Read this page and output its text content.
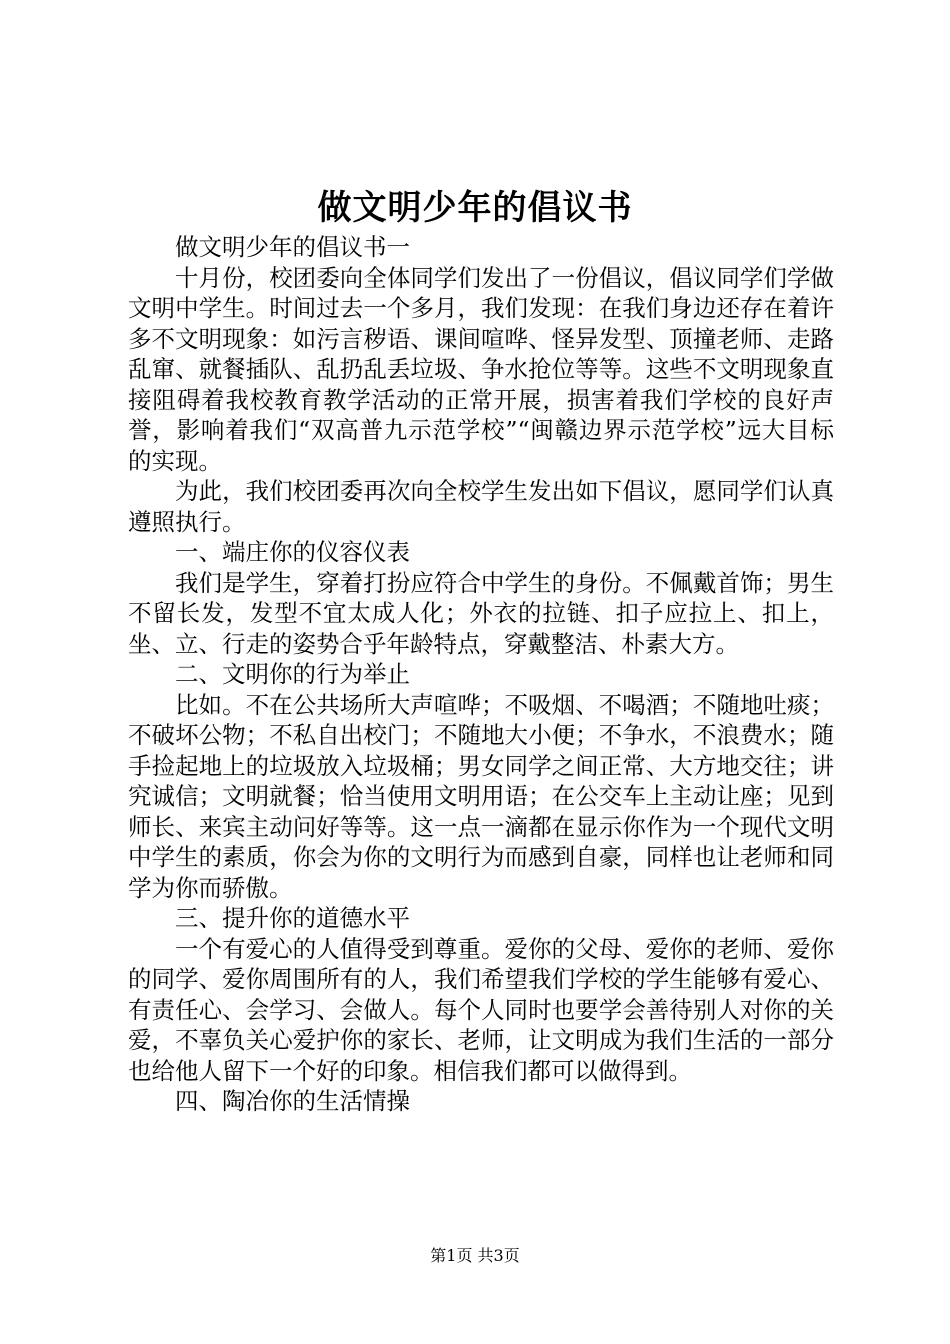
做文明少年的倡议书

做文明少年的倡议书一

十月份，校团委向全体同学们发出了一份倡议，倡议同学们学做文明中学生。时间过去一个多月，我们发现：在我们身边还存在着许多不文明现象：如污言秽语、课间喧哗、怪异发型、顶撞老师、走路乱窜、就餐插队、乱扔乱丢垃圾、争水抢位等等。这些不文明现象直接阻碍着我校教育教学活动的正常开展，损害着我们学校的良好声誉，影响着我们“双高普九示范学校”“闽赣边界示范学校”远大目标的实现。

为此，我们校团委再次向全校学生发出如下倡议，愿同学们认真遵照执行。

一、端庄你的仪容仪表

我们是学生，穿着打扮应符合中学生的身份。不佩戴首饰；男生不留长发，发型不宜太成人化；外衣的拉链、扣子应拉上、扣上，坐、立、行走的姿势合乎年龄特点，穿戴整洁、朴素大方。

二、文明你的行为举止

比如。不在公共场所大声喧哗；不吸烟、不喝酒；不随地吐痰；不破坏公物；不私自出校门；不随地大小便；不争水，不浪费水；随手捡起地上的垃圾放入垃圾桶；男女同学之间正常、大方地交往；讲究诚信；文明就餐；恰当使用文明用语；在公交车上主动让座；见到师长、来宾主动问好等等。这一点一滴都在显示你作为一个现代文明中学生的素质，你会为你的文明行为而感到自豪，同样也让老师和同学为你而骄傲。

三、提升你的道德水平

一个有爱心的人值得受到尊重。爱你的父母、爱你的老师、爱你的同学、爱你周围所有的人，我们希望我们学校的学生能够有爱心、有责任心、会学习、会做人。每个人同时也要学会善待别人对你的关爱，不辜负关心爱护你的家长、老师，让文明成为我们生活的一部分也给他人留下一个好的印象。相信我们都可以做得到。

四、陶冶你的生活情操

第1页 共3页
